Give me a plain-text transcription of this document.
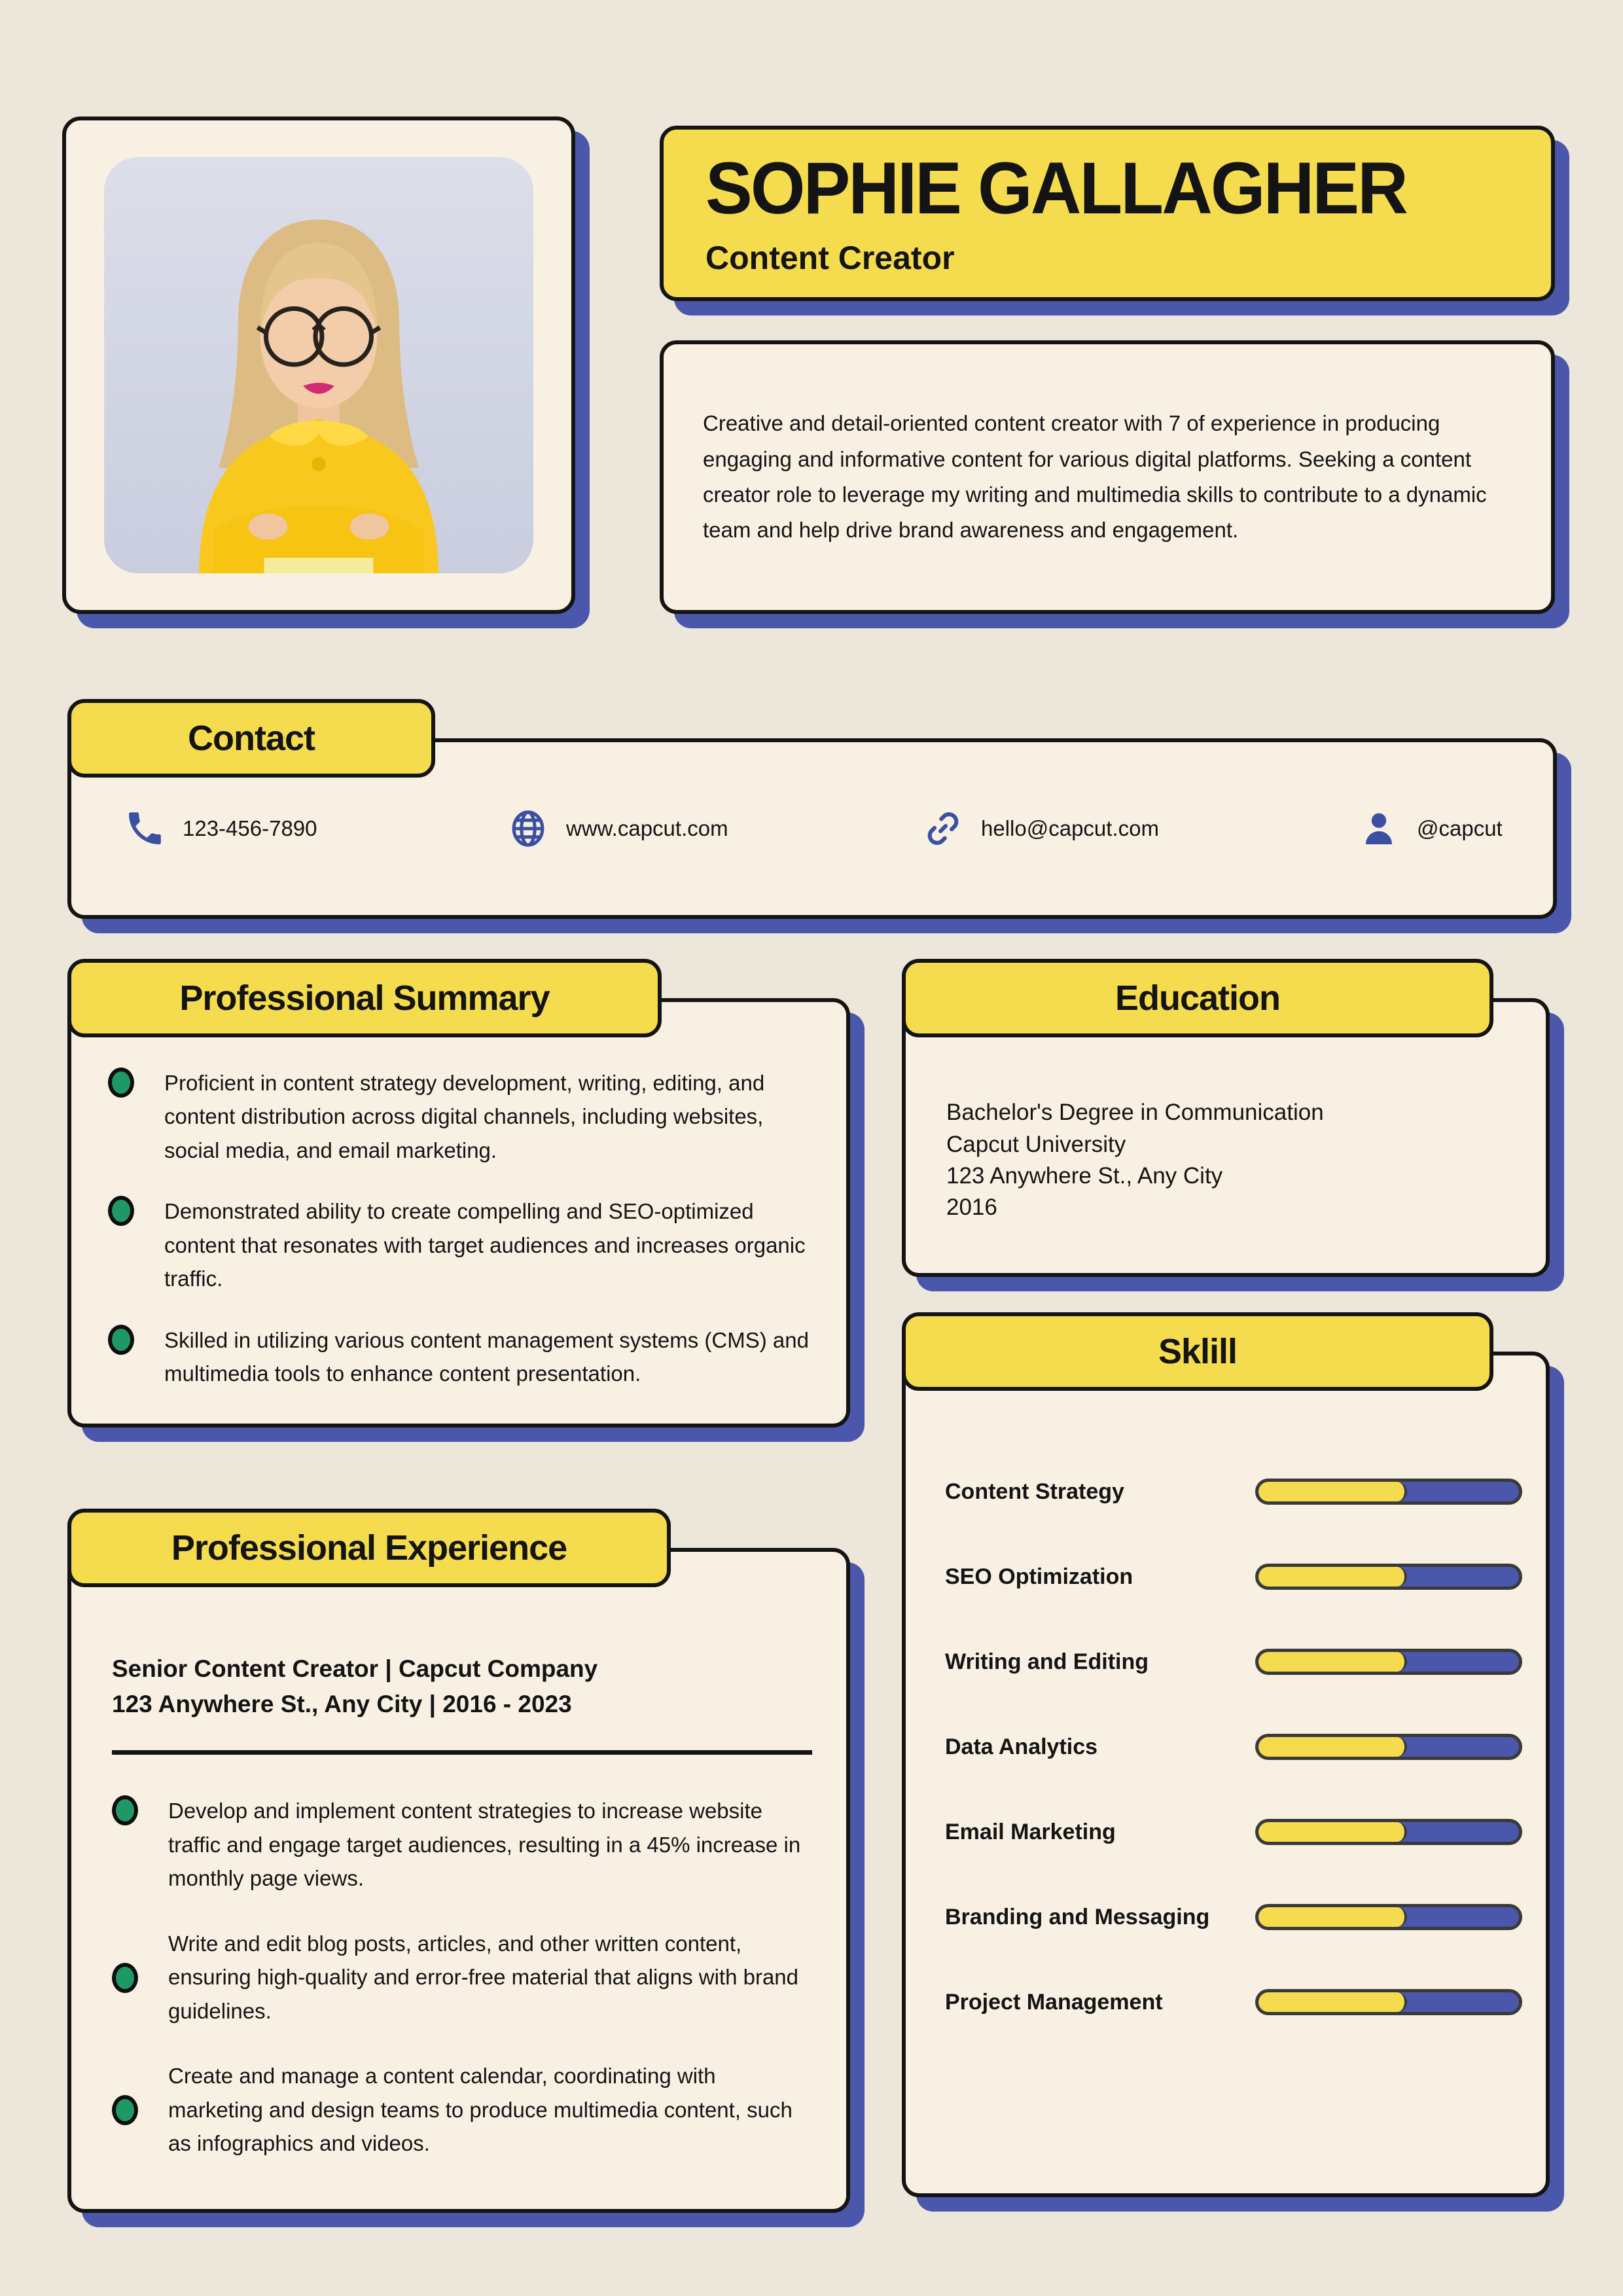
SOPHIE GALLAGHER
Content Creator
Creative and detail-oriented content creator with 7 of experience in producing engaging and informative content for various digital platforms. Seeking a content creator role to leverage my writing and multimedia skills to contribute to a dynamic team and help drive brand awareness and engagement.
Contact
123-456-7890	www.capcut.com	hello@capcut.com	@capcut
Professional Summary
Proficient in content strategy development, writing, editing, and content distribution across digital channels, including websites, social media, and email marketing.
Demonstrated ability to create compelling and SEO-optimized content that resonates with target audiences and increases organic traffic.
Skilled in utilizing various content management systems (CMS) and multimedia tools to enhance content presentation.
Education
Bachelor's Degree in Communication
Capcut University
123 Anywhere St., Any City
2016
Sklill
Content Strategy
SEO Optimization
Writing and Editing
Data Analytics
Email Marketing
Branding and Messaging
Project Management
Professional Experience
Senior Content Creator | Capcut Company
123 Anywhere St., Any City | 2016 - 2023
Develop and implement content strategies to increase website traffic and engage target audiences, resulting in a 45% increase in monthly page views.
Write and edit blog posts, articles, and other written content, ensuring high-quality and error-free material that aligns with brand guidelines.
Create and manage a content calendar, coordinating with marketing and design teams to produce multimedia content, such as infographics and videos.
